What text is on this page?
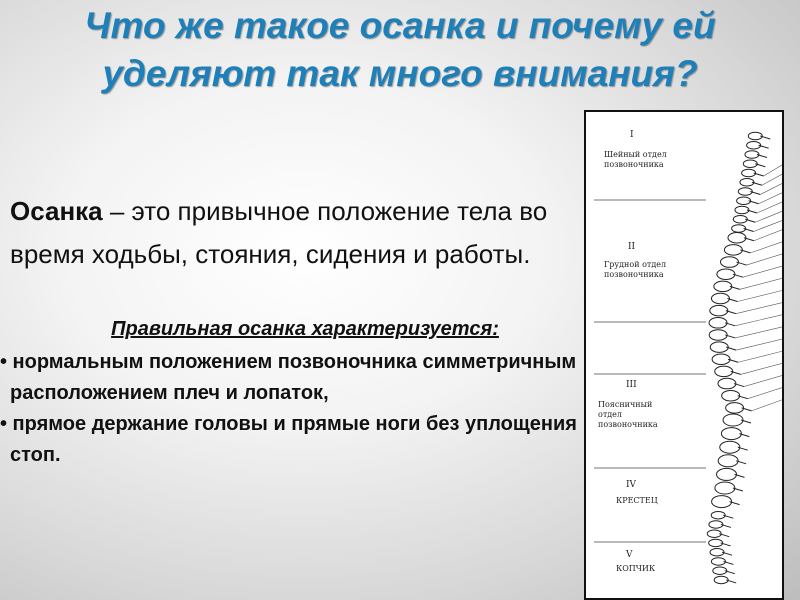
Что же такое осанка и почему ей уделяют так много внимания?
Осанка – это привычное положение тела во время ходьбы, стояния, сидения и работы.
Правильная осанка характеризуется:
• нормальным положением позвоночника симметричным расположением плеч и лопаток,
• прямое держание головы и прямые ноги без уплощения стоп.
I
Шейный отдел позвоночника
II
Грудной отдел позвоночника
III
Поясничный отдел позвоночника
IV
КРЕСТЕЦ
V
КОПЧИК
